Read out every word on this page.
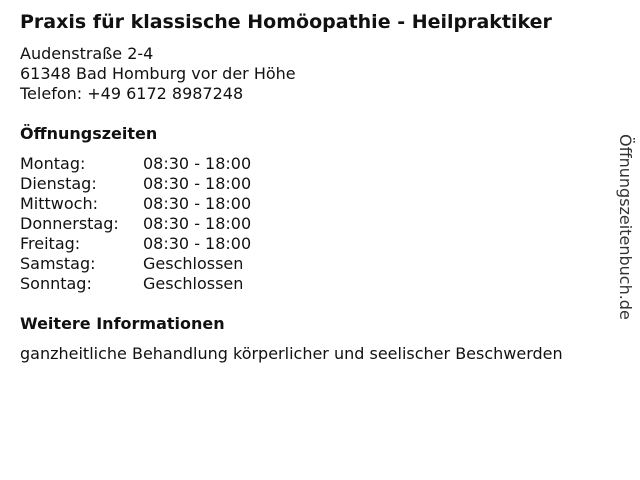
Praxis für klassische Homöopathie - Heilpraktiker
Audenstraße 2-4
61348 Bad Homburg vor der Höhe
Telefon: +49 6172 8987248
Öffnungszeiten
Montag:	08:30 - 18:00
Dienstag:	08:30 - 18:00
Mittwoch:	08:30 - 18:00
Donnerstag:	08:30 - 18:00
Freitag:	08:30 - 18:00
Samstag:	Geschlossen
Sonntag:	Geschlossen
Weitere Informationen
ganzheitliche Behandlung körperlicher und seelischer Beschwerden
Öffnungszeitenbuch.de
